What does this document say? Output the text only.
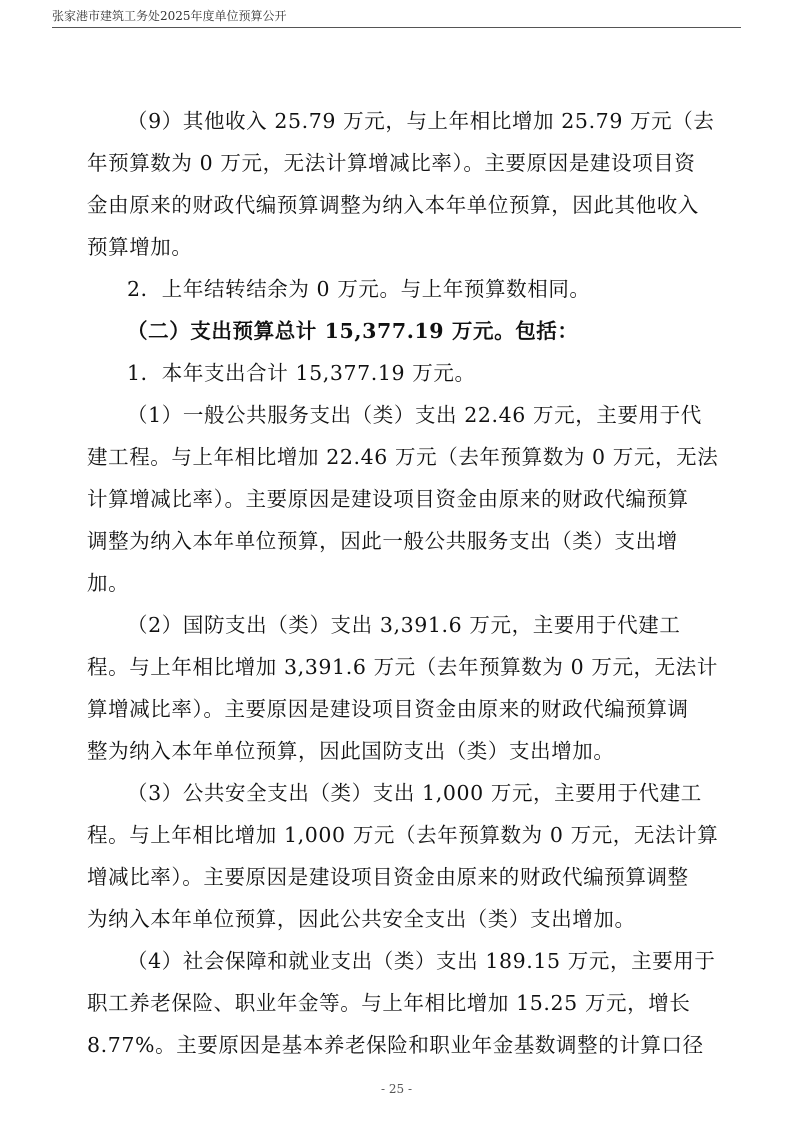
张家港市建筑工务处2025年度单位预算公开
（9）其他收入 25.79 万元，与上年相比增加 25.79 万元（去
年预算数为 0 万元，无法计算增减比率）。主要原因是建设项目资
金由原来的财政代编预算调整为纳入本年单位预算，因此其他收入
预算增加。
2．上年结转结余为 0 万元。与上年预算数相同。
（二）支出预算总计 15,377.19 万元。包括：
1．本年支出合计 15,377.19 万元。
（1）一般公共服务支出（类）支出 22.46 万元，主要用于代
建工程。与上年相比增加 22.46 万元（去年预算数为 0 万元，无法
计算增减比率）。主要原因是建设项目资金由原来的财政代编预算
调整为纳入本年单位预算，因此一般公共服务支出（类）支出增
加。
（2）国防支出（类）支出 3,391.6 万元，主要用于代建工
程。与上年相比增加 3,391.6 万元（去年预算数为 0 万元，无法计
算增减比率）。主要原因是建设项目资金由原来的财政代编预算调
整为纳入本年单位预算，因此国防支出（类）支出增加。
（3）公共安全支出（类）支出 1,000 万元，主要用于代建工
程。与上年相比增加 1,000 万元（去年预算数为 0 万元，无法计算
增减比率）。主要原因是建设项目资金由原来的财政代编预算调整
为纳入本年单位预算，因此公共安全支出（类）支出增加。
（4）社会保障和就业支出（类）支出 189.15 万元，主要用于
职工养老保险、职业年金等。与上年相比增加 15.25 万元，增长
8.77%。主要原因是基本养老保险和职业年金基数调整的计算口径
- 25 -
